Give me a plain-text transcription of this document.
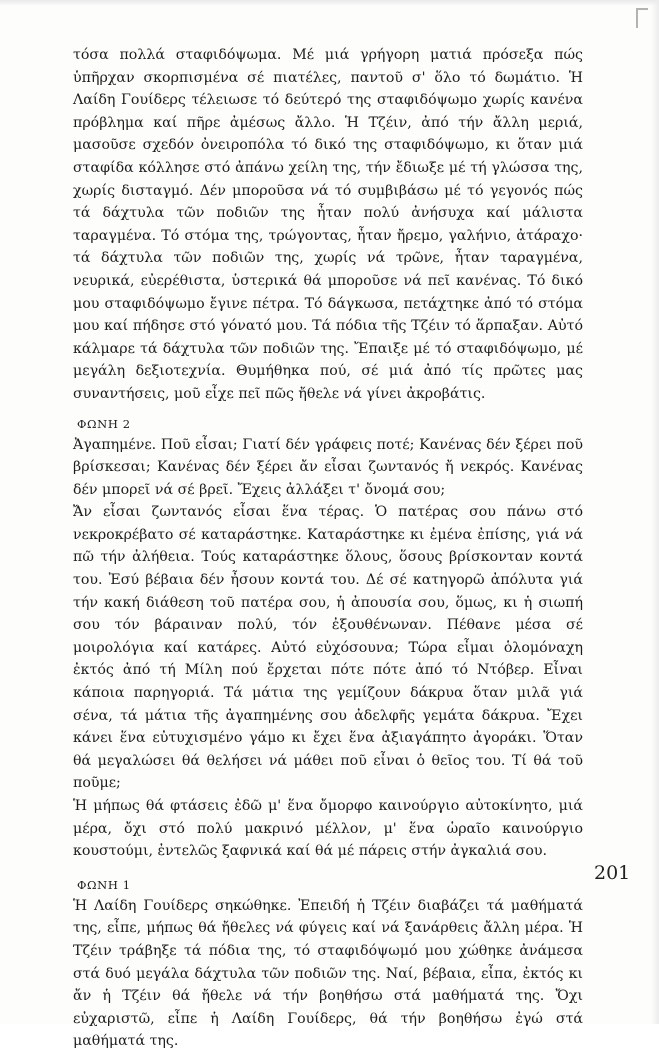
τόσα πολλά σταφιδόψωμα. Μέ μιά γρήγορη ματιά πρόσεξα πώς ὑπῆρχαν σκορπισμένα σέ πιατέλες, παντοῦ σ' ὅλο τό δωμάτιο. Ἡ Λαίδη Γουίδερς τέλειωσε τό δεύτερό της σταφιδόψωμο χωρίς κανένα πρόβλημα καί πῆρε ἀμέσως ἄλλο. Ἡ Τζέιν, ἀπό τήν ἄλλη μεριά, μασοῦσε σχεδόν ὀνειροπόλα τό δικό της σταφιδόψωμο, κι ὅταν μιά σταφίδα κόλλησε στό ἀπάνω χείλη της, τήν ἔδιωξε μέ τή γλώσσα της, χωρίς δισταγμό. Δέν μποροῦσα νά τό συμβιβάσω μέ τό γεγονός πώς τά δάχτυλα τῶν ποδιῶν της ἦταν πολύ ἀνήσυχα καί μάλιστα ταραγμένα. Τό στόμα της, τρώγοντας, ἦταν ἤρεμο, γαλήνιο, ἀτάραχο· τά δάχτυλα τῶν ποδιῶν της, χωρίς νά τρῶνε, ἦταν ταραγμένα, νευρικά, εὐερέθιστα, ὑστερικά θά μποροῦσε νά πεῖ κανένας. Τό δικό μου σταφιδόψωμο ἔγινε πέτρα. Τό δάγκωσα, πετάχτηκε ἀπό τό στόμα μου καί πήδησε στό γόνατό μου. Τά πόδια τῆς Τζέιν τό ἅρπαξαν. Αὐτό κάλμαρε τά δάχτυλα τῶν ποδιῶν της. Ἔπαιξε μέ τό σταφιδόψωμο, μέ μεγάλη δεξιοτεχνία. Θυμήθηκα πού, σέ μιά ἀπό τίς πρῶτες μας συναντήσεις, μοῦ εἶχε πεῖ πῶς ἤθελε νά γίνει ἀκροβάτις.

ΦΩΝΗ 2

Ἀγαπημένε. Ποῦ εἶσαι; Γιατί δέν γράφεις ποτέ; Κανένας δέν ξέρει ποῦ βρίσκεσαι; Κανένας δέν ξέρει ἄν εἶσαι ζωντανός ἤ νεκρός. Κανένας δέν μπορεῖ νά σέ βρεῖ. Ἔχεις ἀλλάξει τ' ὄνομά σου;

Ἄν εἶσαι ζωντανός εἶσαι ἕνα τέρας. Ὁ πατέρας σου πάνω στό νεκροκρέβατο σέ καταράστηκε. Καταράστηκε κι ἐμένα ἐπίσης, γιά νά πῶ τήν ἀλήθεια. Τούς καταράστηκε ὅλους, ὅσους βρίσκονταν κοντά του. Ἐσύ βέβαια δέν ἦσουν κοντά του. Δέ σέ κατηγορῶ ἀπόλυτα γιά τήν κακή διάθεση τοῦ πατέρα σου, ἡ ἀπουσία σου, ὅμως, κι ἡ σιωπή σου τόν βάραιναν πολύ, τόν ἐξουθένωναν. Πέθανε μέσα σέ μοιρολόγια καί κατάρες. Αὐτό εὐχόσουνα; Τώρα εἶμαι ὁλομόναχη ἐκτός ἀπό τή Μίλη πού ἔρχεται πότε πότε ἀπό τό Ντόβερ. Εἶναι κάποια παρηγοριά. Τά μάτια της γεμίζουν δάκρυα ὅταν μιλᾶ γιά σένα, τά μάτια τῆς ἀγαπημένης σου ἀδελφῆς γεμάτα δάκρυα. Ἔχει κάνει ἕνα εὐτυχισμένο γάμο κι ἔχει ἕνα ἀξιαγάπητο ἀγοράκι. Ὅταν θά μεγαλώσει θά θελήσει νά μάθει ποῦ εἶναι ὁ θεῖος του. Τί θά τοῦ ποῦμε;

Ἡ μήπως θά φτάσεις ἐδῶ μ' ἕνα ὄμορφο καινούργιο αὐτοκίνητο, μιά μέρα, ὄχι στό πολύ μακρινό μέλλον, μ' ἕνα ὡραῖο καινούργιο κουστούμι, ἐντελῶς ξαφνικά καί θά μέ πάρεις στήν ἀγκαλιά σου.

ΦΩΝΗ 1

Ἡ Λαίδη Γουίδερς σηκώθηκε. Ἐπειδή ἡ Τζέιν διαβάζει τά μαθήματά της, εἶπε, μήπως θά ἤθελες νά φύγεις καί νά ξανάρθεις ἄλλη μέρα. Ἡ Τζέιν τράβηξε τά πόδια της, τό σταφιδόψωμό μου χώθηκε ἀνάμεσα στά δυό μεγάλα δάχτυλα τῶν ποδιῶν της. Ναί, βέβαια, εἶπα, ἐκτός κι ἄν ἡ Τζέιν θά ἤθελε νά τήν βοηθήσω στά μαθήματά της. Ὄχι εὐχαριστῶ, εἶπε ἡ Λαίδη Γουίδερς, θά τήν βοηθήσω ἐγώ στά μαθήματά της.

201
